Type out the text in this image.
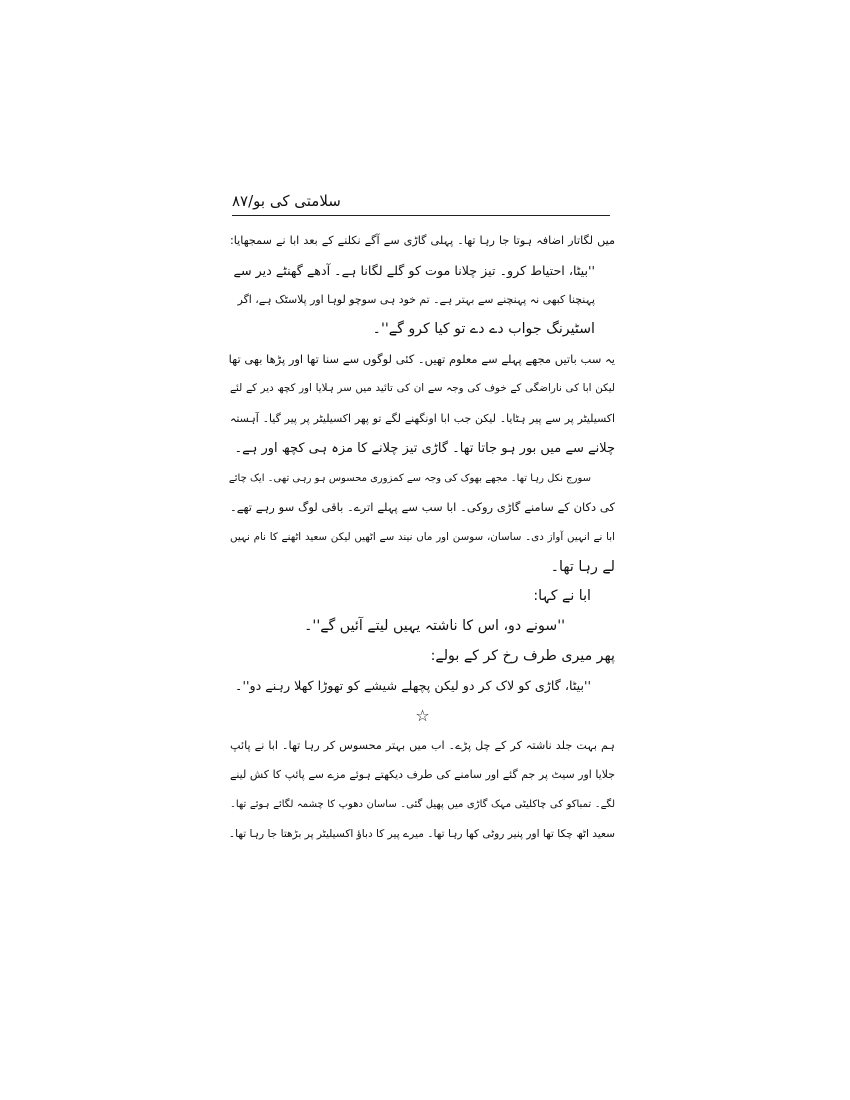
سلامتی کی بو/۸۷
میں لگاتار اضافہ ہوتا جا رہا تھا۔ پہلی گاڑی سے آگے نکلنے کے بعد ابا نے سمجھایا:
''بیٹا، احتیاط کرو۔ تیز چلانا موت کو گلے لگانا ہے۔ آدھے گھنٹے دیر سے
پہنچنا کبھی نہ پہنچنے سے بہتر ہے۔ تم خود ہی سوچو لوہا اور پلاسٹک ہے، اگر
اسٹیرنگ جواب دے دے تو کیا کرو گے''۔
یہ سب باتیں مجھے پہلے سے معلوم تھیں۔ کئی لوگوں سے سنا تھا اور پڑھا بھی تھا
لیکن ابا کی ناراضگی کے خوف کی وجہ سے ان کی تائید میں سر ہلایا اور کچھ دیر کے لئے
اکسیلیٹر پر سے پیر ہٹایا۔ لیکن جب ابا اونگھنے لگے تو پھر اکسیلیٹر پر پیر گیا۔ آہستہ
چلانے سے میں بور ہو جاتا تھا۔ گاڑی تیز چلانے کا مزہ ہی کچھ اور ہے۔
سورج نکل رہا تھا۔ مجھے بھوک کی وجہ سے کمزوری محسوس ہو رہی تھی۔ ایک چائے
کی دکان کے سامنے گاڑی روکی۔ ابا سب سے پہلے اترے۔ باقی لوگ سو رہے تھے۔
ابا نے انہیں آواز دی۔ ساسان، سوسن اور ماں نیند سے اٹھیں لیکن سعید اٹھنے کا نام نہیں
لے رہا تھا۔
ابا نے کہا:
''سونے دو، اس کا ناشتہ یہیں لیتے آئیں گے''۔
پھر میری طرف رخ کر کے بولے:
''بیٹا، گاڑی کو لاک کر دو لیکن پچھلے شیشے کو تھوڑا کھلا رہنے دو''۔
☆
ہم بہت جلد ناشتہ کر کے چل پڑے۔ اب میں بہتر محسوس کر رہا تھا۔ ابا نے پائپ
جلایا اور سیٹ پر جم گئے اور سامنے کی طرف دیکھتے ہوئے مزے سے پائپ کا کش لینے
لگے۔ تمباکو کی چاکلیٹی مہک گاڑی میں پھیل گئی۔ ساسان دھوپ کا چشمہ لگائے ہوئے تھا۔
سعید اٹھ چکا تھا اور پنیر روٹی کھا رہا تھا۔ میرے پیر کا دباؤ اکسیلیٹر پر بڑھتا جا رہا تھا۔
